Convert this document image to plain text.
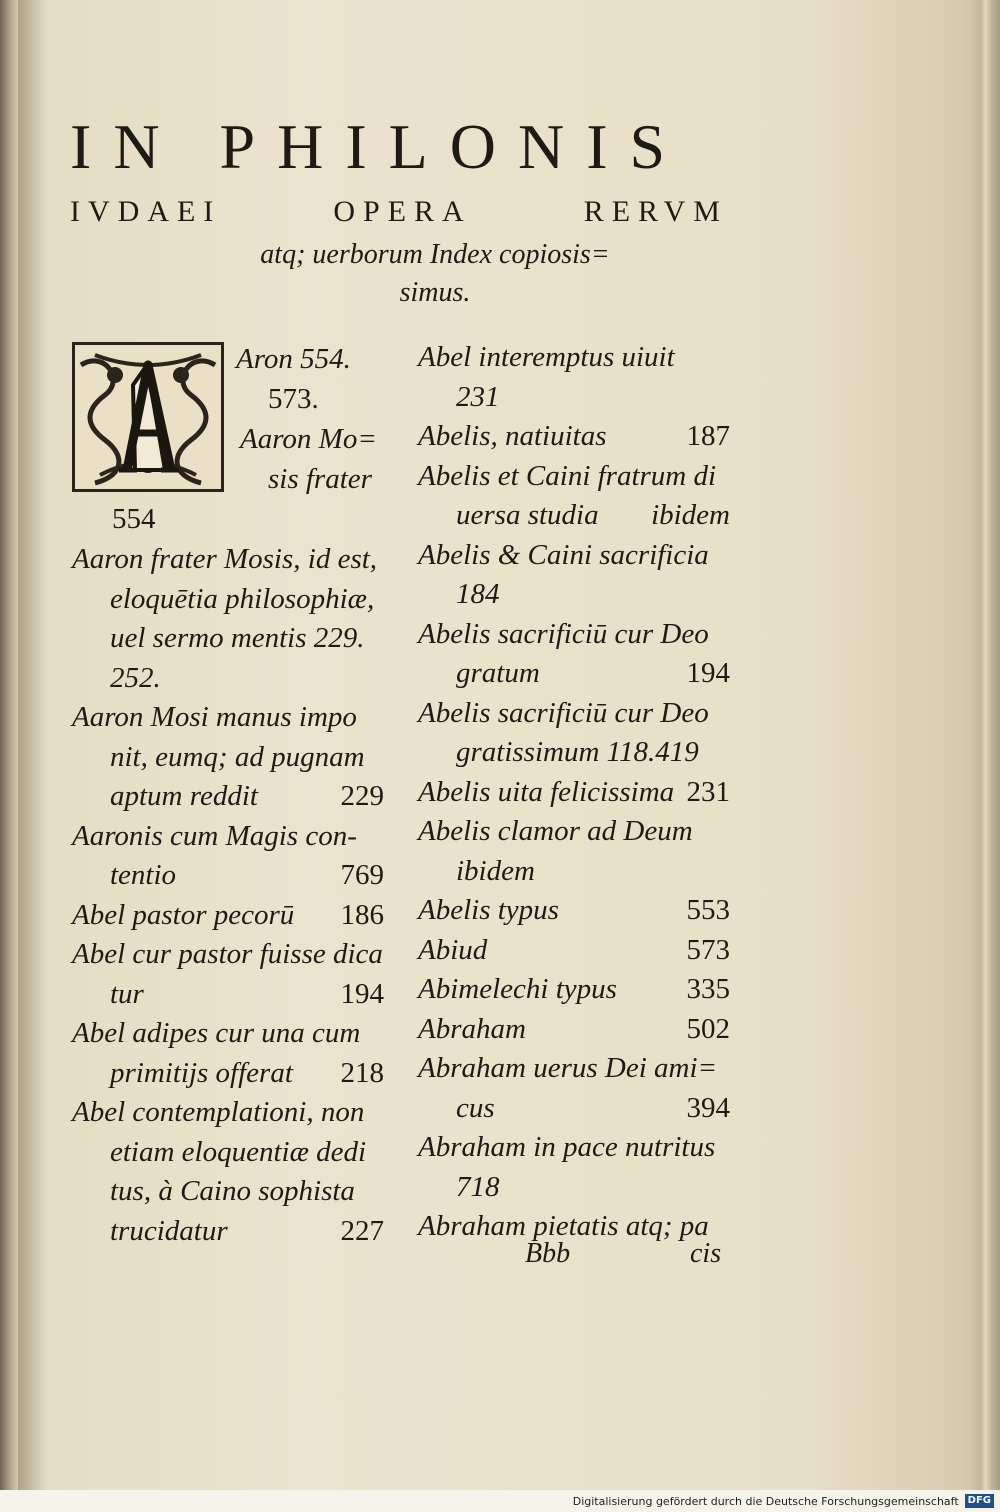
IN PHILONIS
IVDAEI	OPERA	RERVM
atq; uerborum Index copiosis=
simus.
Aron 554.
573.
Aaron Mo=
sis frater
554
Aaron frater Mosis, id est,
eloquētia philosophiæ,
uel sermo mentis 229.
252.
Aaron Mosi manus impo
nit, eumq; ad pugnam
aptum reddit	229
Aaronis cum Magis con-
tentio	769
Abel pastor pecorū 186
Abel cur pastor fuisse dica
tur	194
Abel adipes cur una cum
primitijs offerat 218
Abel contemplationi, non
etiam eloquentiæ dedi
tus, à Caino sophista
trucidatur	227
Abel interemptus uiuit
231
Abelis, natiuitas	187
Abelis et Caini fratrum di
uersa studia ibidem
Abelis & Caini sacrificia
184
Abelis sacrificiū cur Deo
gratum	194
Abelis sacrificiū cur Deo
gratissimum 118.419
Abelis uita felicissima 231
Abelis clamor ad Deum
ibidem
Abelis typus	553
Abiud	573
Abimelechi typus 335
Abraham	502
Abraham uerus Dei ami=
cus	394
Abraham in pace nutritus
718
Abraham pietatis atq; pa
Bbb	cis
Digitalisierung gefördert durch die Deutsche Forschungsgemeinschaft DFG
